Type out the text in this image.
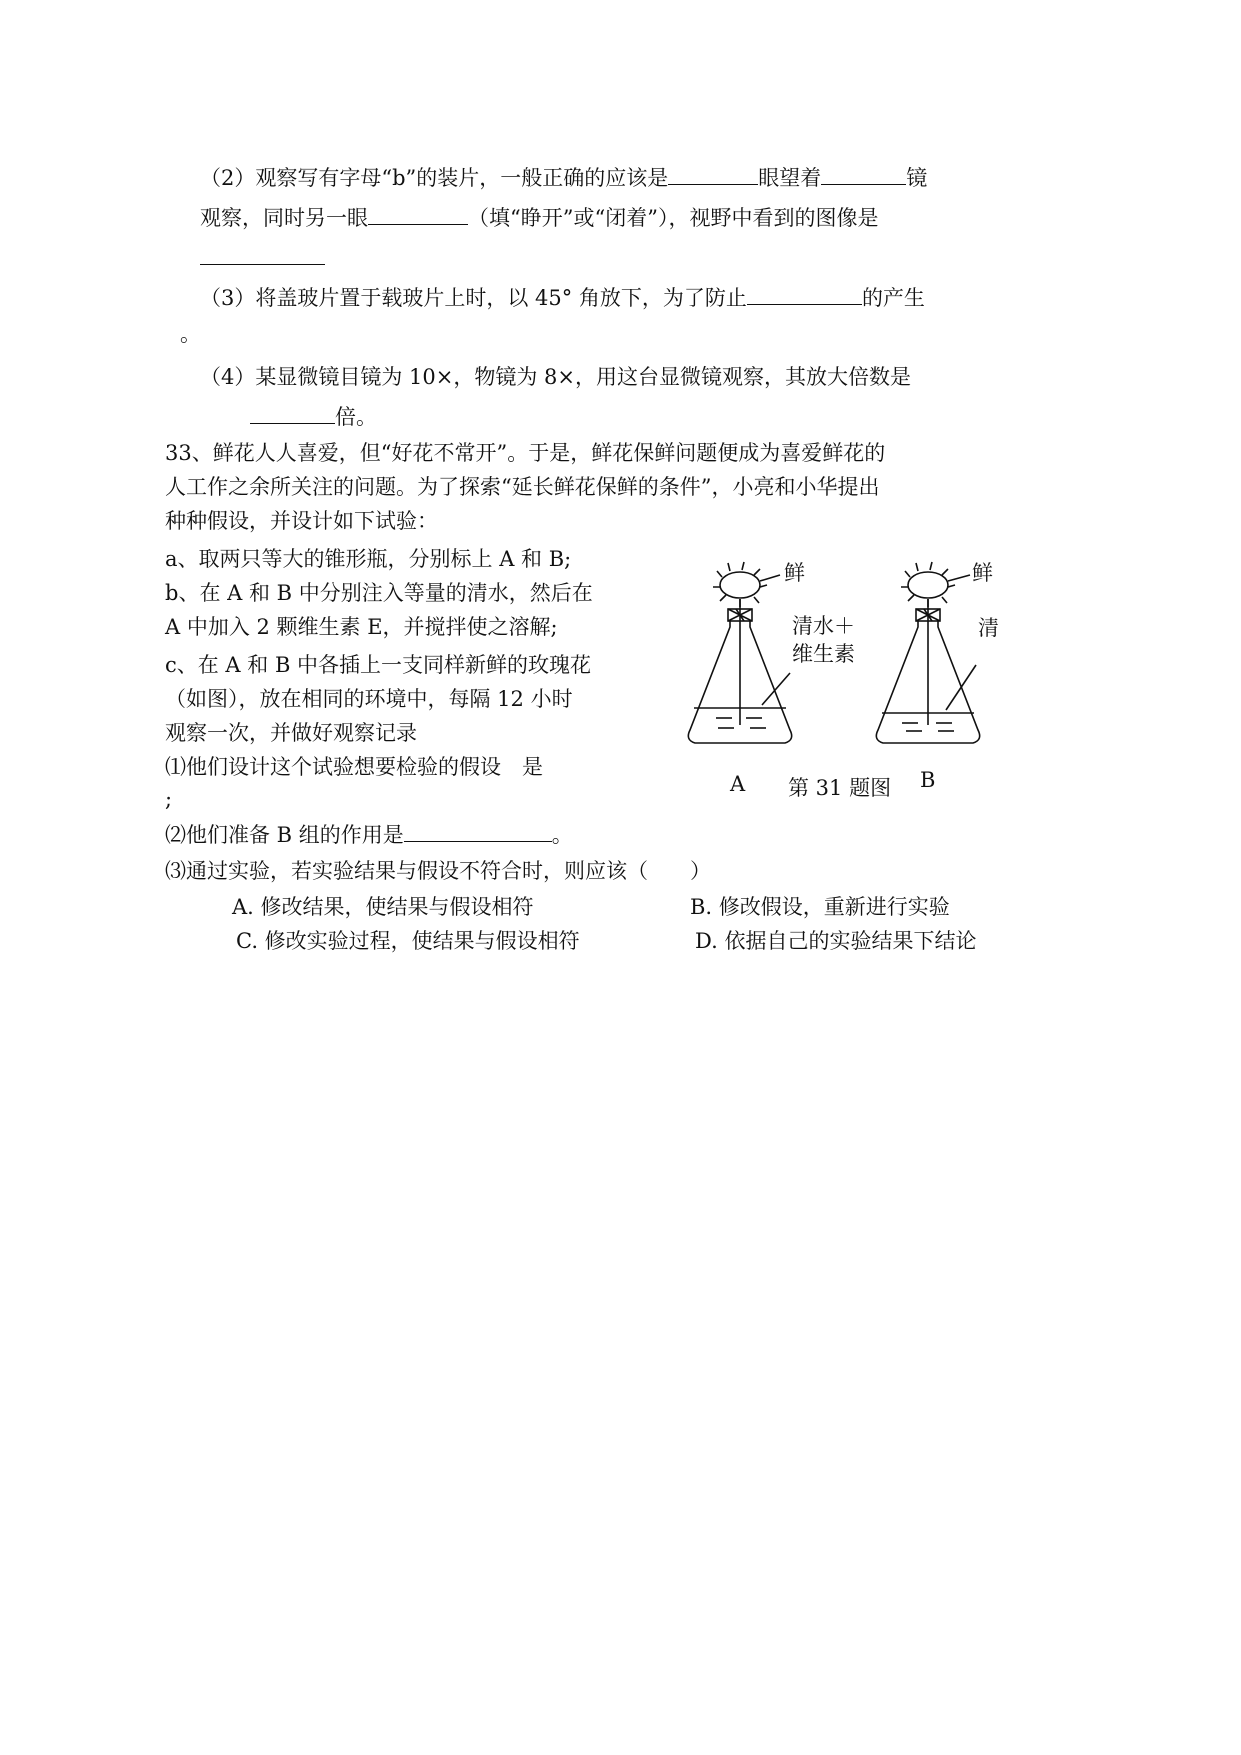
（2）观察写有字母“b”的装片，一般正确的应该是	眼望着	镜
观察，同时另一眼	（填“睁开”或“闭着”），视野中看到的图像是
（3）将盖玻片置于载玻片上时，以 45° 角放下，为了防止	的产生
。
（4）某显微镜目镜为 10×，物镜为 8×，用这台显微镜观察，其放大倍数是
倍。
33、鲜花人人喜爱，但“好花不常开”。于是，鲜花保鲜问题便成为喜爱鲜花的
人工作之余所关注的问题。为了探索“延长鲜花保鲜的条件”，小亮和小华提出
种种假设，并设计如下试验：
a、取两只等大的锥形瓶，分别标上 A 和 B;
b、在 A 和 B 中分别注入等量的清水，然后在
A 中加入 2 颗维生素 E，并搅拌使之溶解;
c、在 A 和 B 中各插上一支同样新鲜的玫瑰花
（如图），放在相同的环境中，每隔 12 小时
观察一次，并做好观察记录
⑴他们设计这个试验想要检验的假设　是
;
⑵他们准备 B 组的作用是	。
⑶通过实验，若实验结果与假设不符合时，则应该（　　）
A. 修改结果，使结果与假设相符	B. 修改假设，重新进行实验
C. 修改实验过程，使结果与假设相符	D. 依据自己的实验结果下结论
鲜
清水＋
维生素
A
鲜
清
B
第 31 题图
